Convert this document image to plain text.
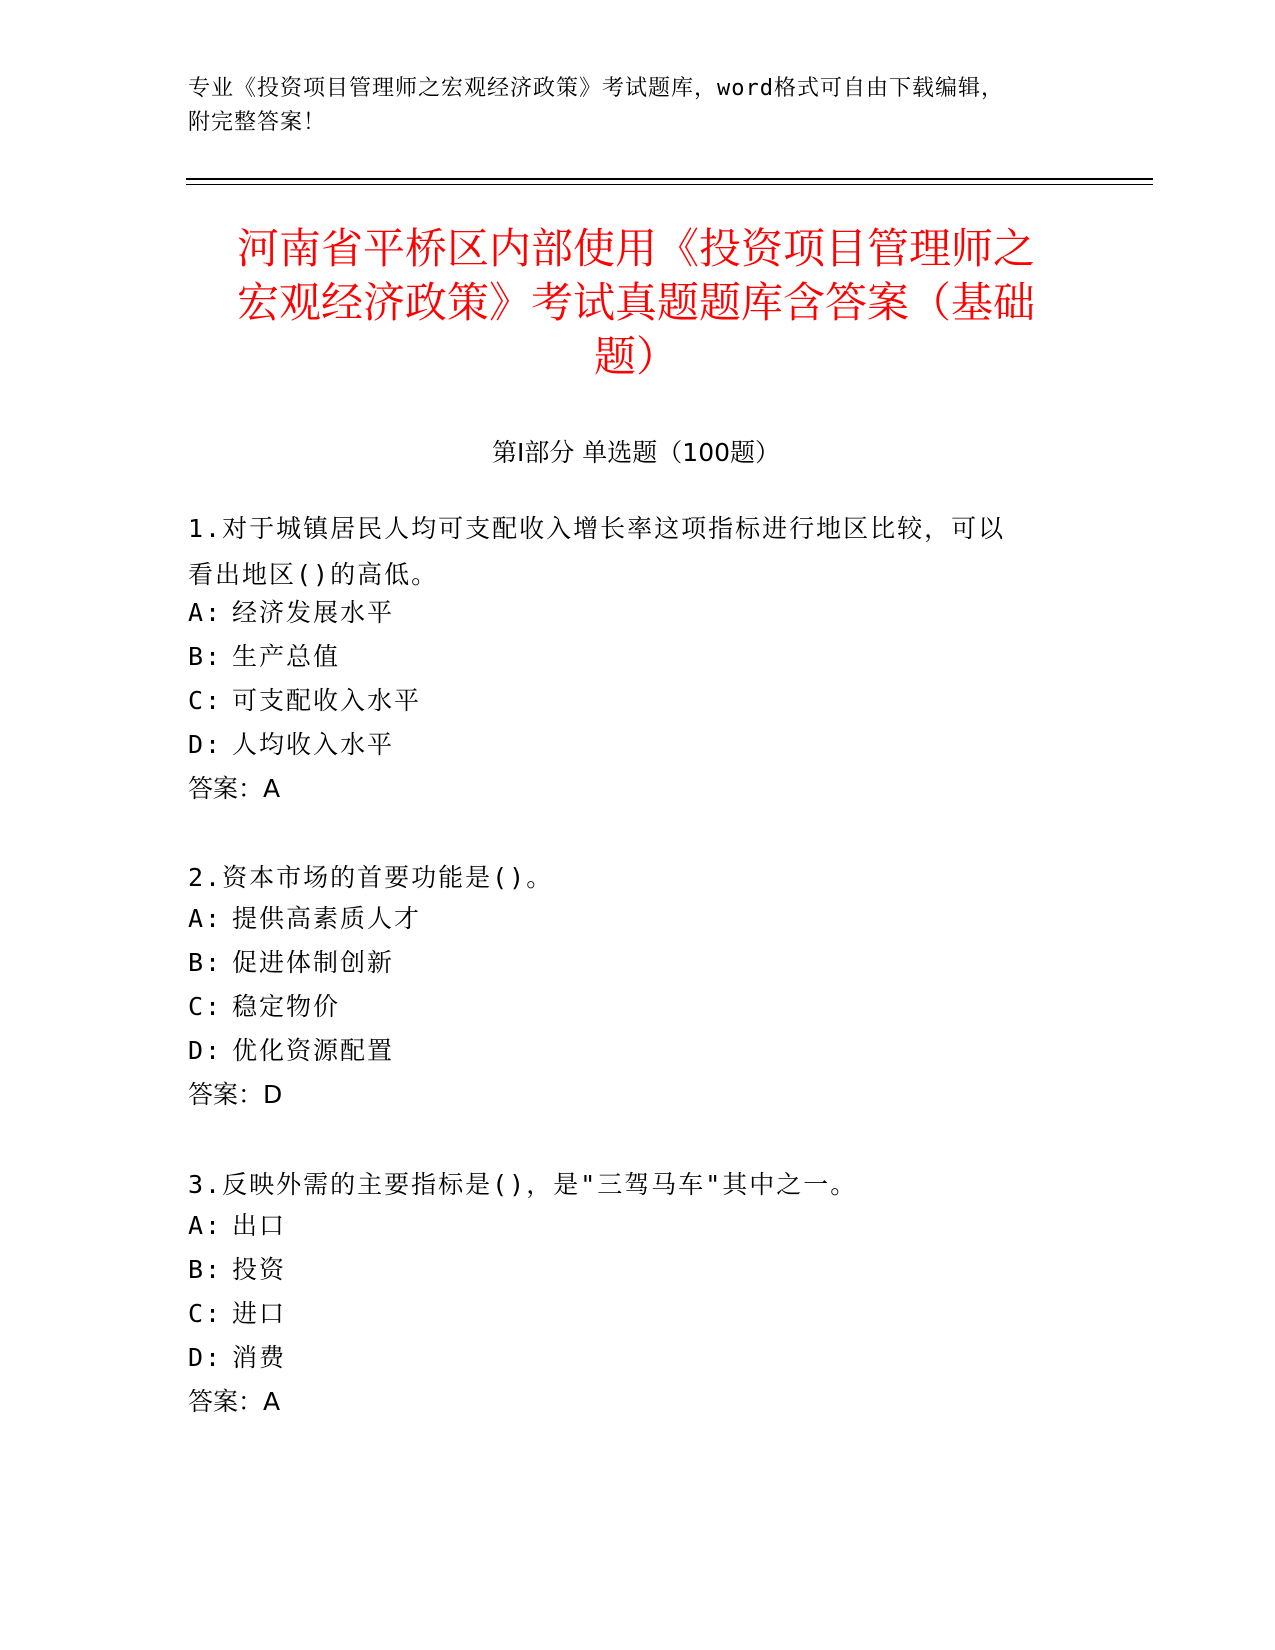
专业《投资项目管理师之宏观经济政策》考试题库，word格式可自由下载编辑，
附完整答案！
河南省平桥区内部使用《投资项目管理师之
宏观经济政策》考试真题题库含答案（基础
题）
第Ⅰ部分 单选题（100题）
1.对于城镇居民人均可支配收入增长率这项指标进行地区比较，可以
看出地区()的高低。
A: 经济发展水平
B: 生产总值
C: 可支配收入水平
D: 人均收入水平
答案：A
2.资本市场的首要功能是()。
A: 提供高素质人才
B: 促进体制创新
C: 稳定物价
D: 优化资源配置
答案：D
3.反映外需的主要指标是()，是"三驾马车"其中之一。
A: 出口
B: 投资
C: 进口
D: 消费
答案：A
